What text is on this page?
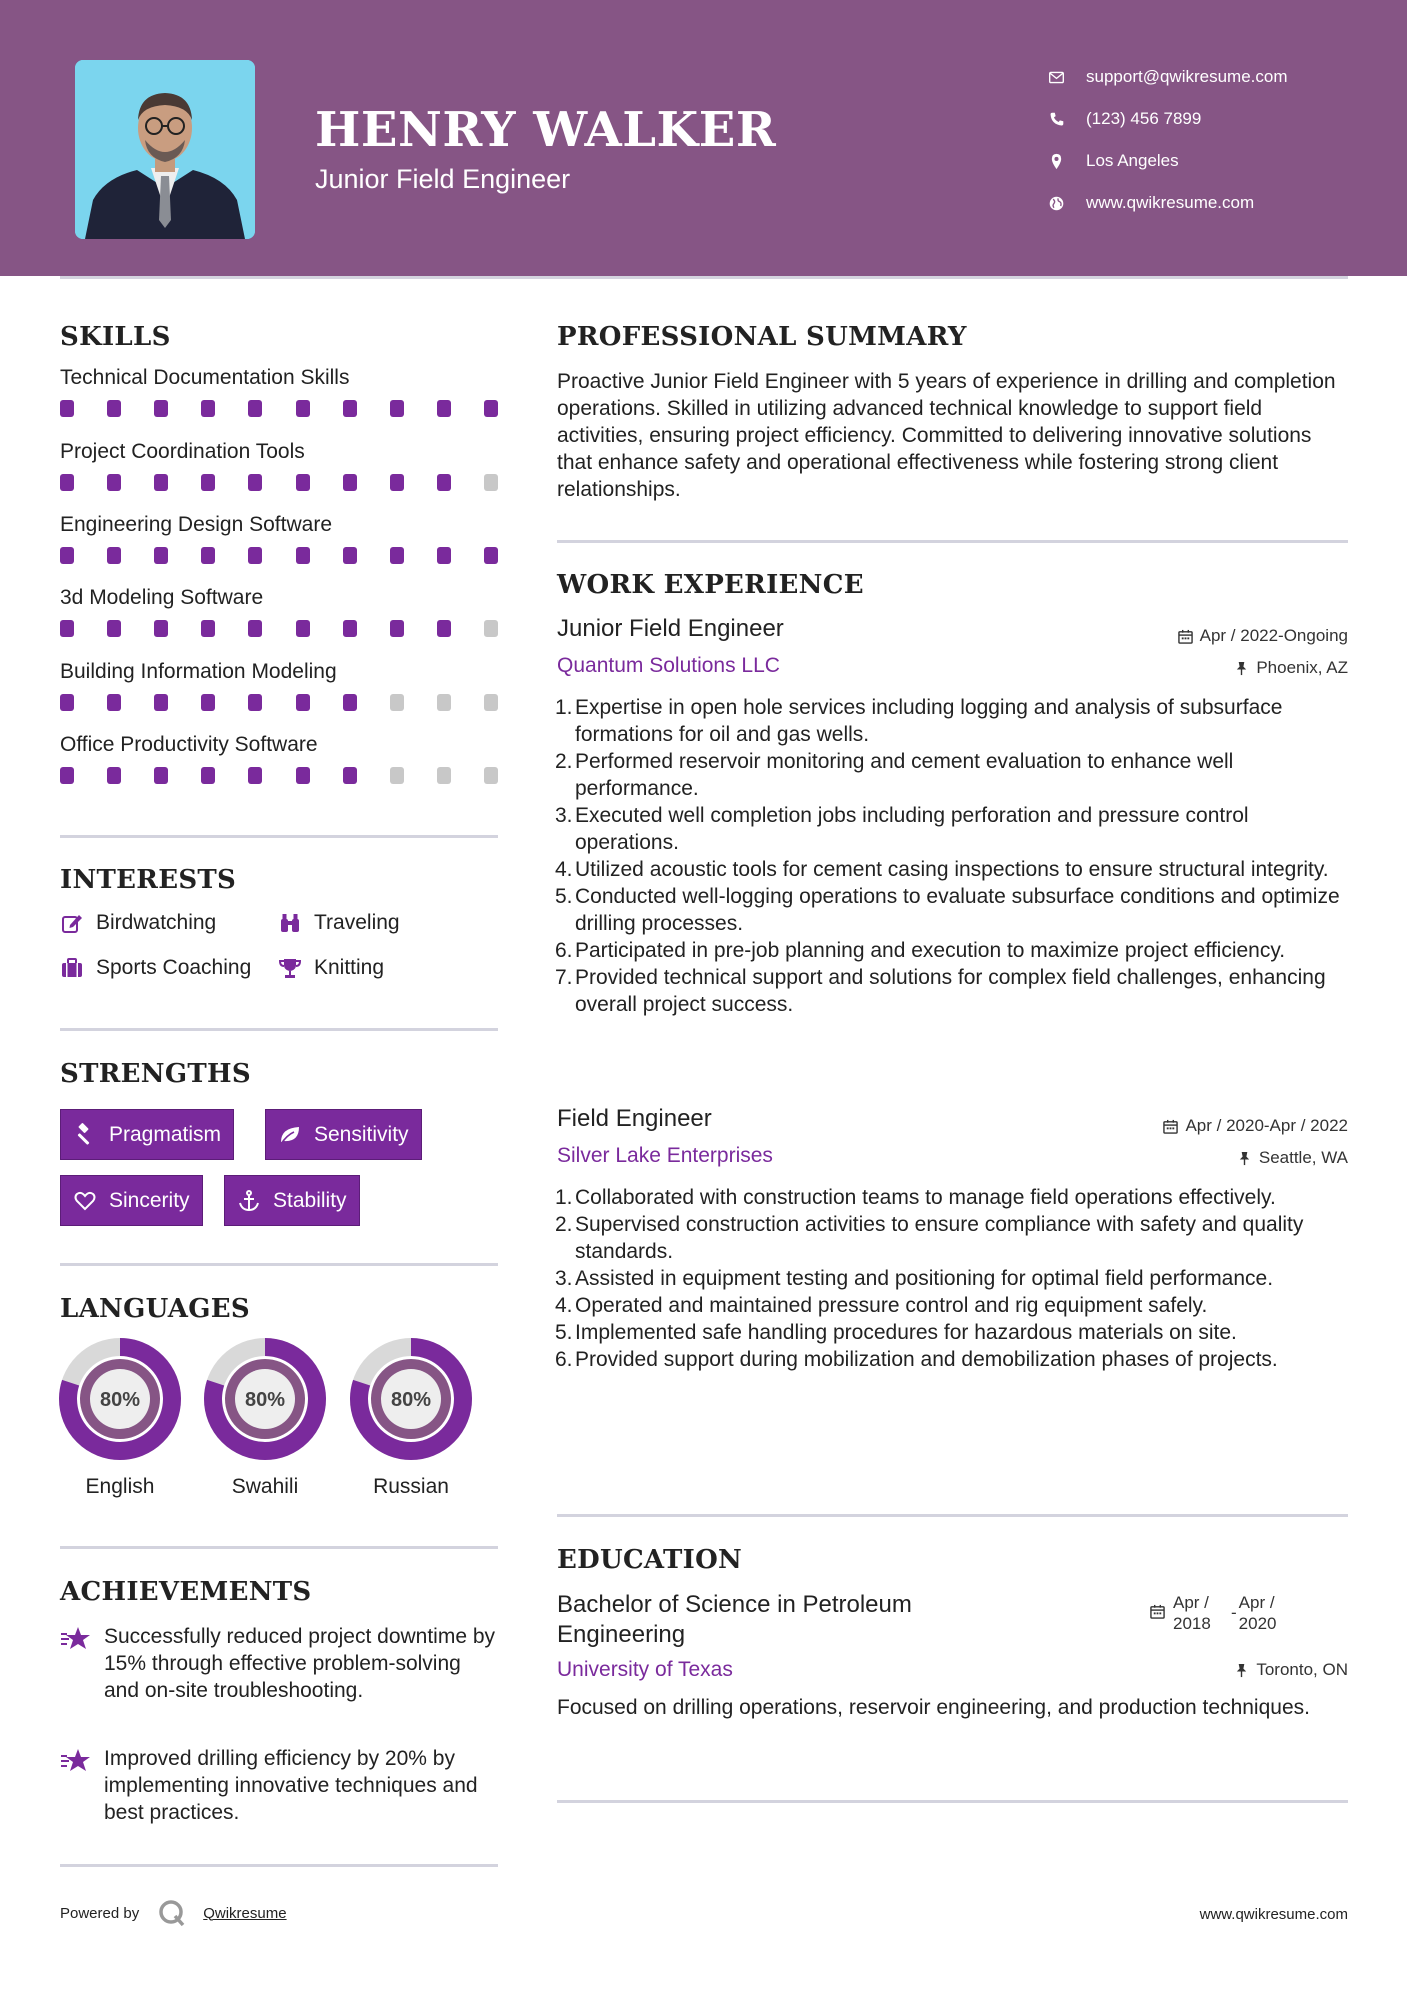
HENRY WALKER
Junior Field Engineer
support@qwikresume.com
(123) 456 7899
Los Angeles
www.qwikresume.com
SKILLS
Technical Documentation Skills
Project Coordination Tools
Engineering Design Software
3d Modeling Software
Building Information Modeling
Office Productivity Software
INTERESTS
Birdwatching	Traveling
Sports Coaching	Knitting
STRENGTHS
Pragmatism	Sensitivity
Sincerity	Stability
LANGUAGES
80%
English
80%
Swahili
80%
Russian
ACHIEVEMENTS
Successfully reduced project downtime by 15% through effective problem-solving and on-site troubleshooting.
Improved drilling efficiency by 20% by implementing innovative techniques and best practices.
PROFESSIONAL SUMMARY
Proactive Junior Field Engineer with 5 years of experience in drilling and completion operations. Skilled in utilizing advanced technical knowledge to support field activities, ensuring project efficiency. Committed to delivering innovative solutions that enhance safety and operational effectiveness while fostering strong client relationships.
WORK EXPERIENCE
Junior Field Engineer	Apr / 2022-Ongoing
Quantum Solutions LLC	Phoenix, AZ
1. Expertise in open hole services including logging and analysis of subsurface formations for oil and gas wells.
2. Performed reservoir monitoring and cement evaluation to enhance well performance.
3. Executed well completion jobs including perforation and pressure control operations.
4. Utilized acoustic tools for cement casing inspections to ensure structural integrity.
5. Conducted well-logging operations to evaluate subsurface conditions and optimize drilling processes.
6. Participated in pre-job planning and execution to maximize project efficiency.
7. Provided technical support and solutions for complex field challenges, enhancing overall project success.
Field Engineer	Apr / 2020-Apr / 2022
Silver Lake Enterprises	Seattle, WA
1. Collaborated with construction teams to manage field operations effectively.
2. Supervised construction activities to ensure compliance with safety and quality standards.
3. Assisted in equipment testing and positioning for optimal field performance.
4. Operated and maintained pressure control and rig equipment safely.
5. Implemented safe handling procedures for hazardous materials on site.
6. Provided support during mobilization and demobilization phases of projects.
EDUCATION
Bachelor of Science in Petroleum Engineering
Apr / 2018
-
Apr / 2020
University of Texas	Toronto, ON
Focused on drilling operations, reservoir engineering, and production techniques.
Powered by	Qwikresume	www.qwikresume.com
